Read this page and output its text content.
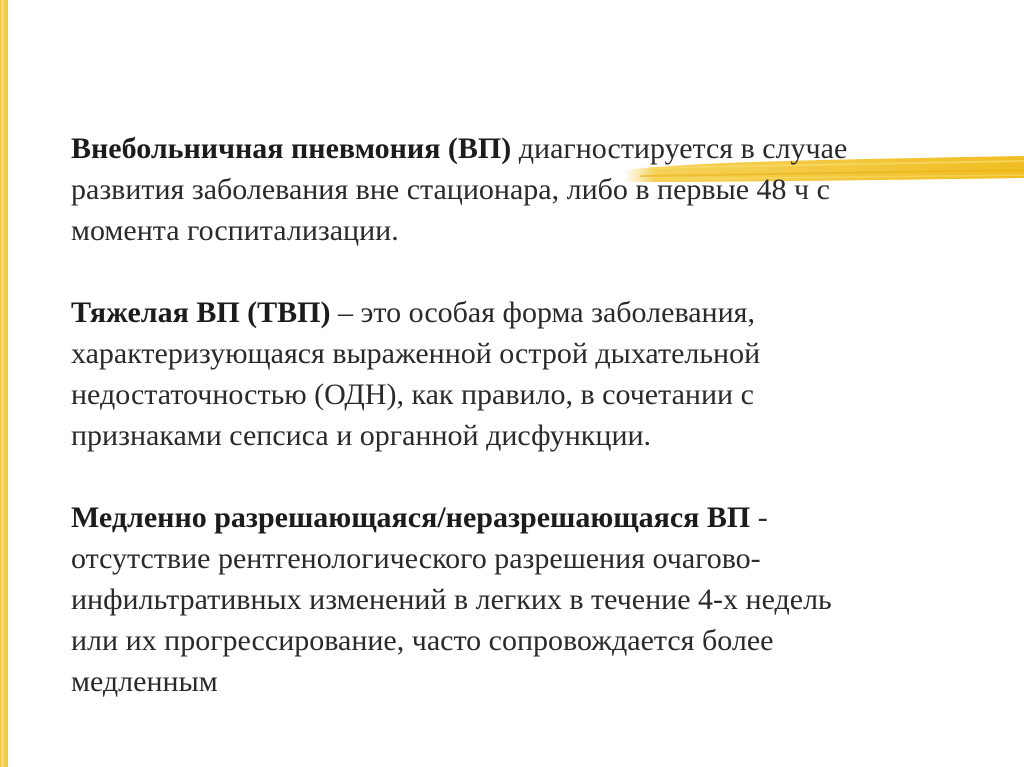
Внебольничная пневмония (ВП) диагностируется в случае
развития заболевания вне стационара, либо в первые 48 ч с
момента госпитализации.

Тяжелая ВП (ТВП) – это особая форма заболевания,
характеризующаяся выраженной острой дыхательной
недостаточностью (ОДН), как правило, в сочетании с
признаками сепсиса и органной дисфункции.

Медленно разрешающаяся/неразрешающаяся ВП -
отсутствие рентгенологического разрешения очагово-
инфильтративных изменений в легких в течение 4-х недель
или их прогрессирование, часто сопровождается более
медленным
